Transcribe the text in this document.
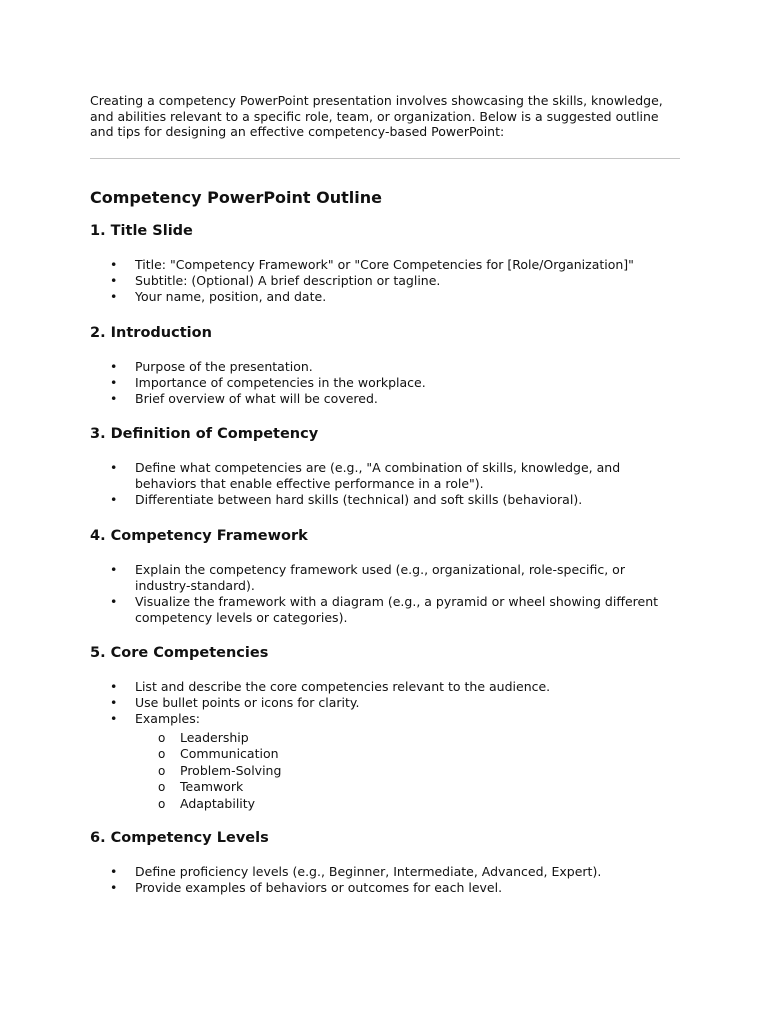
Creating a competency PowerPoint presentation involves showcasing the skills, knowledge, and abilities relevant to a specific role, team, or organization. Below is a suggested outline and tips for designing an effective competency-based PowerPoint:

Competency PowerPoint Outline
1. Title Slide
• Title: "Competency Framework" or "Core Competencies for [Role/Organization]"
• Subtitle: (Optional) A brief description or tagline.
• Your name, position, and date.
2. Introduction
• Purpose of the presentation.
• Importance of competencies in the workplace.
• Brief overview of what will be covered.
3. Definition of Competency
• Define what competencies are (e.g., "A combination of skills, knowledge, and behaviors that enable effective performance in a role").
• Differentiate between hard skills (technical) and soft skills (behavioral).
4. Competency Framework
• Explain the competency framework used (e.g., organizational, role-specific, or industry-standard).
• Visualize the framework with a diagram (e.g., a pyramid or wheel showing different competency levels or categories).
5. Core Competencies
• List and describe the core competencies relevant to the audience.
• Use bullet points or icons for clarity.
• Examples:
o Leadership
o Communication
o Problem-Solving
o Teamwork
o Adaptability
6. Competency Levels
• Define proficiency levels (e.g., Beginner, Intermediate, Advanced, Expert).
• Provide examples of behaviors or outcomes for each level.
